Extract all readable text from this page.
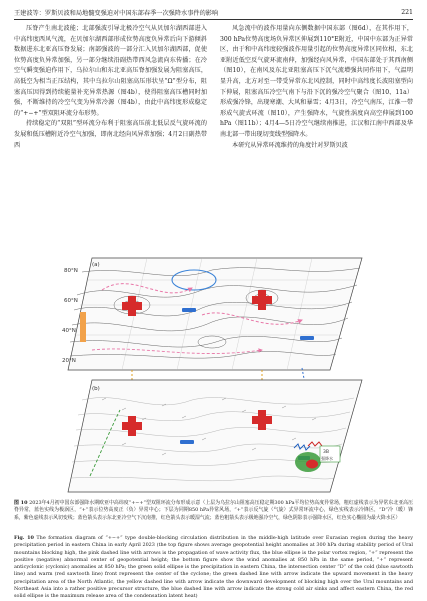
王建波等：罗斯贝波和局地髓变强迫对中国东部春季一次强降水事件的影响	221

压脊产生南北波能；北部强波引导北极冷空气从贝加尔湖西部进入中高纬度西风气流，在贝加尔湖西部形成位势高度负异常后向下游倾斜数据进东北亚高压脊发展；南部强波的一部分汇入贝加尔湖西部，促使位势高度负异常加强，另一部分继续沿副热带西风急流向东传播；在冷空气瞬变强迫作用下，乌拉尔山和东北亚高压脊加强发展为阻塞高压，高低空为相当正压结构，其中乌拉尔山阻塞高压形状呈“Ω”型分布，阻塞高压因得到持续能量补充异常热源（图4b），使得阻塞高压槽同时加强，不断维持的冷空气变为异常冷源（图4b），由此中高纬度形成稳定的“+−+”型双阻环流分布形势。

持续稳定的“双阻”型环流分布利于阻塞高压前北低层反气旋环流的发展和低压槽附近冷空气加强，即南北经向风异常加强；4月2日副热带西

风急流中的波作用量向东侧数据中国东部（图6d），在其作用下，300 hPa位势高度场负异常区伸展到110°E附近，中国中东部为正异常区，由于和中高纬度较强波作用量引起的位势高度异常区同位相，东北亚附近低空反气旋环流南伸，加强经向风异常，中国东部处于其西南侧（图10），在南风及东北亚阻塞高压下沉气流增强共同作用下，气温明显升高，北方对至一带受异常东北风控制，同时中高纬度长波阻塞型向下伸展，阻塞高压冷空气南下与沿下沉的强冷空气聚合（图10、11a）形成强冷锋，出现寒潮、大风和暴雪；4月3日，冷空气南压，江淮一带形成气旋式环流（图10），产生强降水，气旋性涡度向高空伸展到100 hPa（图11b）；4月4—5日冷空气继续南推进，江汉和江南中西部及华南北部一带出现切变线型强降水。

本研究从异常环流维持的角度针对罗斯贝波

(a)
80°N
60°N
40°N
20°N
3B
强降水
(b)
图 10 2023年4月初中国东部强降水期欧亚中高纬度“+−+”型双阻环流分布形成示意（上层为乌拉尔山阻塞高压稳定期300 hPa平均位势高度异常场，粗红虚线表示为异常东北亚高压脊异常，蓝色实线为极涡区，“+”表示位势高度正（负）异常中心；下层为同期850 hPa异常风场，“+”表示反气旋（气旋）式异常环流中心，绿色实线表示冷锋区，“D”冷（暖）锋系，紫色虚线表示风切变线；蓝色箭头表示东北亚冷空气下沉南推，红色箭头表示暖湿气流；蓝色粗箭头表示极地强冷空气，绿色阴影表示强降水区，红色实心椭圆为最大降水区）
Fig. 10 The formation diagram of “+−+” type double-blocking circulation distribution in the middle-high latitude over Eurasian region during the heavy precipitation period in eastern China in early April 2023 (the top figure shows average geopotential height anomalies at 300 hPa during stability period of Ural mountains blocking high, the pink dashed line with arrows is the propagation of wave activity flux, the blue ellipse is the polar vortex region, “+” represent the positive (negative) abnormal center of geopotential height; the bottom figure show the wind anomalies at 850 hPa in the same period, “+” represent anticyclonic (cyclonic) anomalies at 850 hPa; the green solid ellipse is the precipitation in eastern China, the intersection center “D” of the cold (blue sawtooth line) and warm (red sawtooth line) front represent the center of the cyclone; the green dashed line with arrow indicate the upward movement in the heavy precipitation area of the North Atlantic, the yellow dashed line with arrow indicate the downward development of blocking high over the Ural mountains and Northeast Asia into a rather positive precursor structure, the blue dashed line with arrow indicate the strong cold air sinks and affect eastern China, the red solid ellipse is the maximum release area of the condensation latent heat)
